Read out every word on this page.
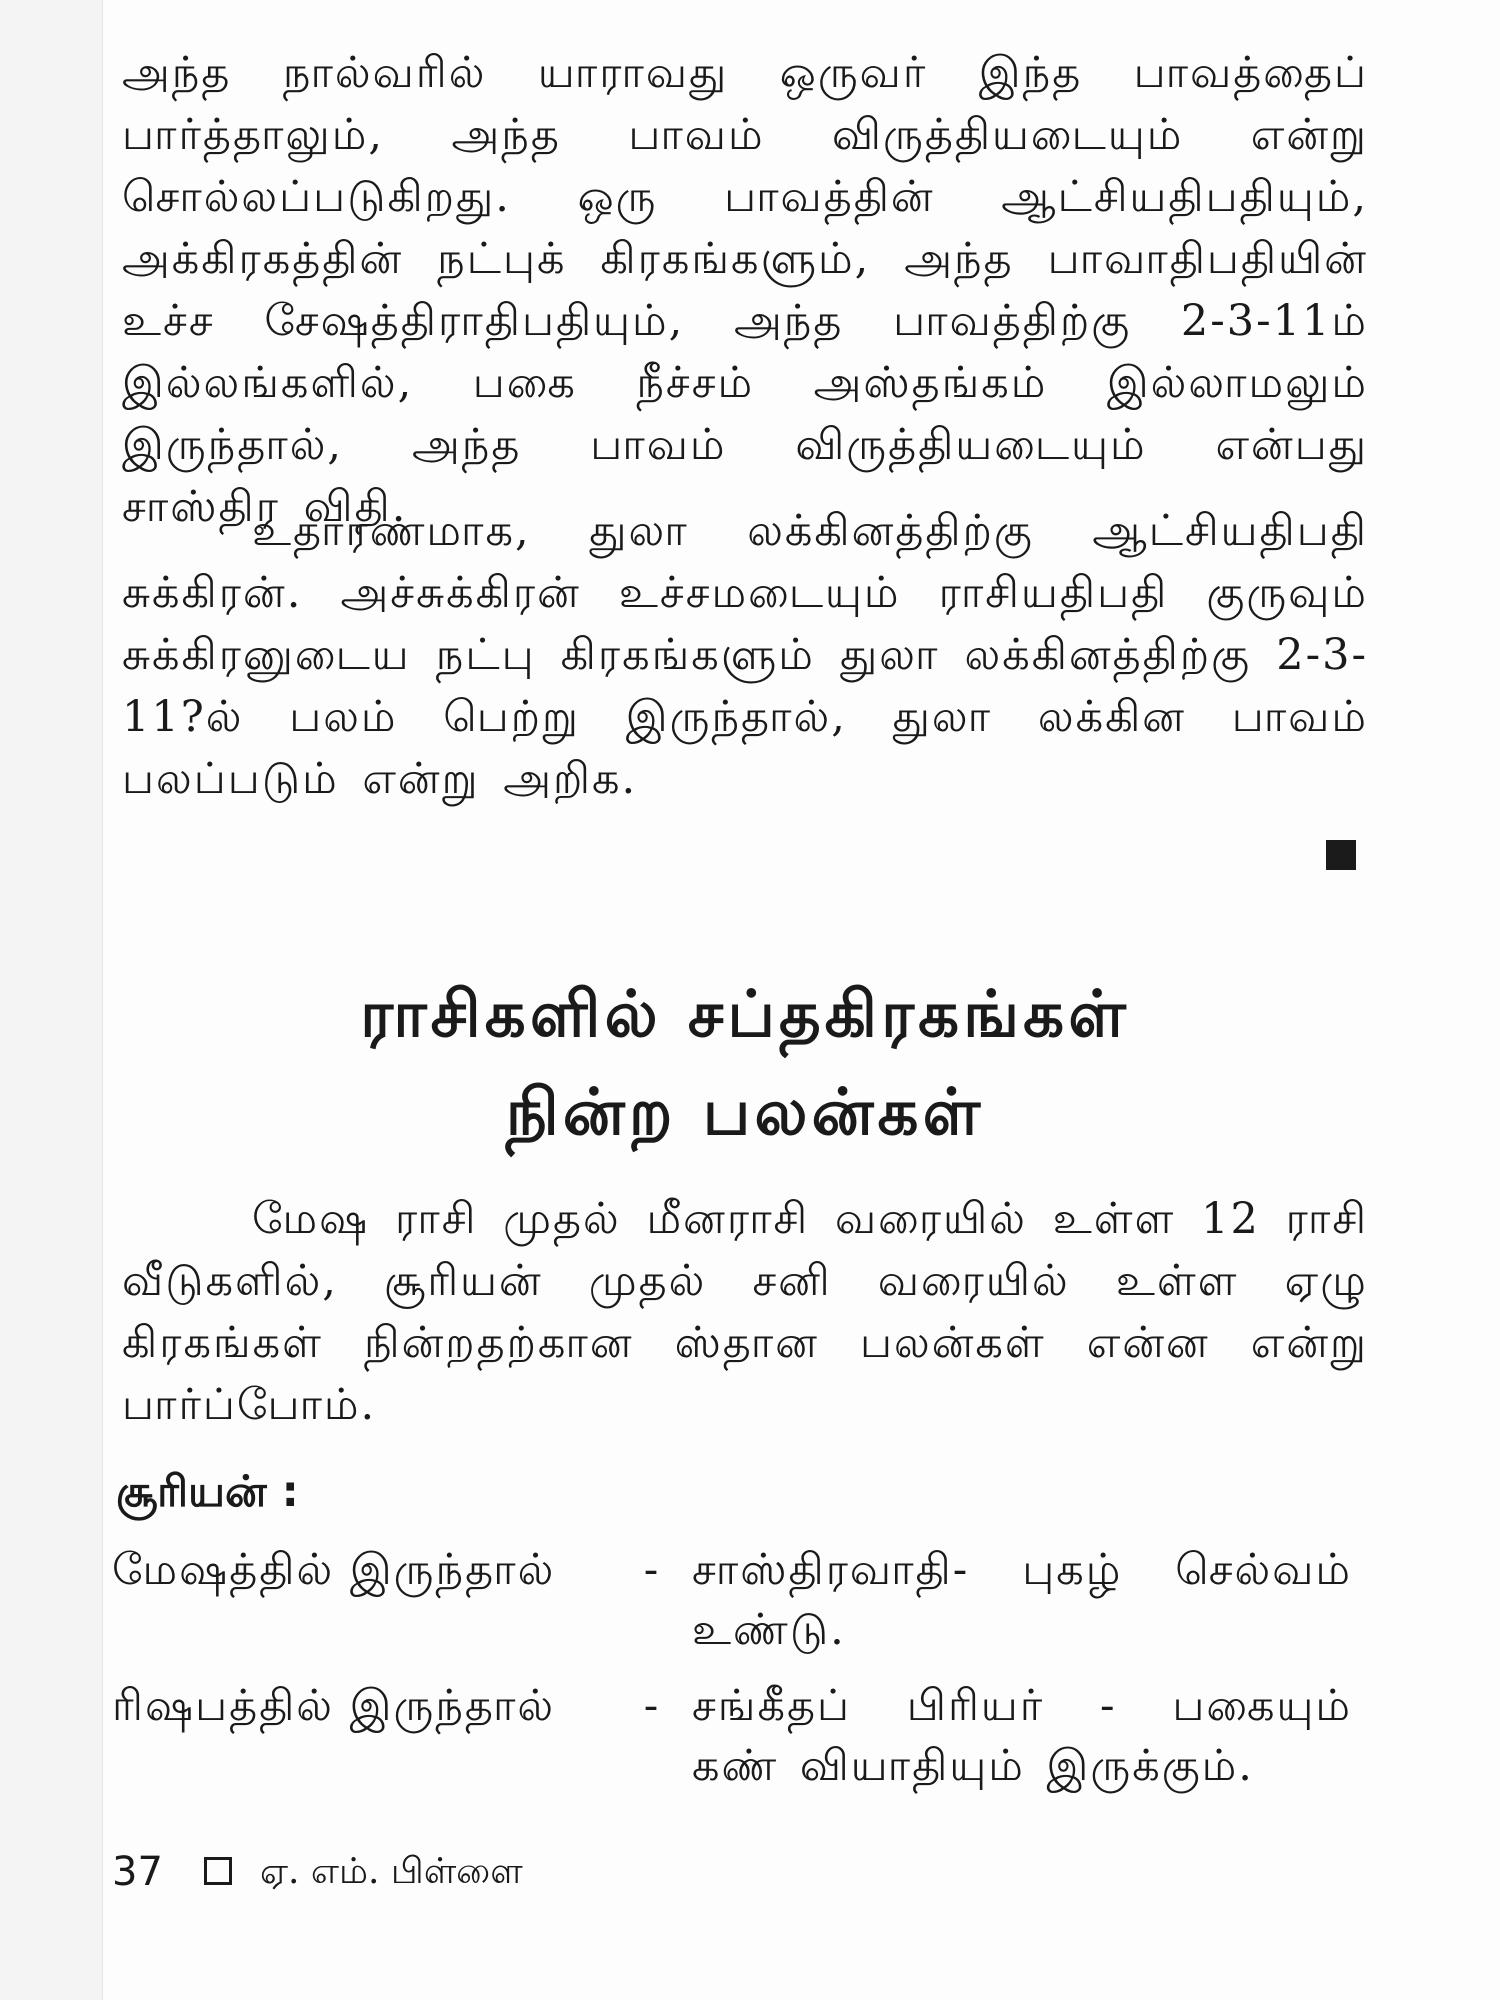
அந்த நால்வரில் யாராவது ஒருவர் இந்த பாவத்தைப் பார்த்தாலும், அந்த பாவம் விருத்தியடையும் என்று சொல்லப்படுகிறது. ஒரு பாவத்தின் ஆட்சியதிபதியும், அக்கிரகத்தின் நட்புக் கிரகங்களும், அந்த பாவாதிபதியின் உச்ச சேஷத்திராதிபதியும், அந்த பாவத்திற்கு 2-3-11ம் இல்லங்களில், பகை நீச்சம் அஸ்தங்கம் இல்லாமலும் இருந்தால், அந்த பாவம் விருத்தியடையும் என்பது சாஸ்திர விதி.

உதாரணமாக, துலா லக்கினத்திற்கு ஆட்சியதிபதி சுக்கிரன். அச்சுக்கிரன் உச்சமடையும் ராசியதிபதி குருவும் சுக்கிரனுடைய நட்பு கிரகங்களும் துலா லக்கினத்திற்கு 2-3-11?ல் பலம் பெற்று இருந்தால், துலா லக்கின பாவம் பலப்படும் என்று அறிக.

ராசிகளில் சப்தகிரகங்கள்
நின்ற பலன்கள்

மேஷ ராசி முதல் மீனராசி வரையில் உள்ள 12 ராசி வீடுகளில், சூரியன் முதல் சனி வரையில் உள்ள ஏழு கிரகங்கள் நின்றதற்கான ஸ்தான பலன்கள் என்ன என்று பார்ப்போம்.

சூரியன் :
மேஷத்தில் இருந்தால்	- சாஸ்திரவாதி- புகழ் செல்வம் உண்டு.
ரிஷபத்தில் இருந்தால்	- சங்கீதப் பிரியர் - பகையும் கண் வியாதியும் இருக்கும்.
37	ஏ. எம். பிள்ளை
